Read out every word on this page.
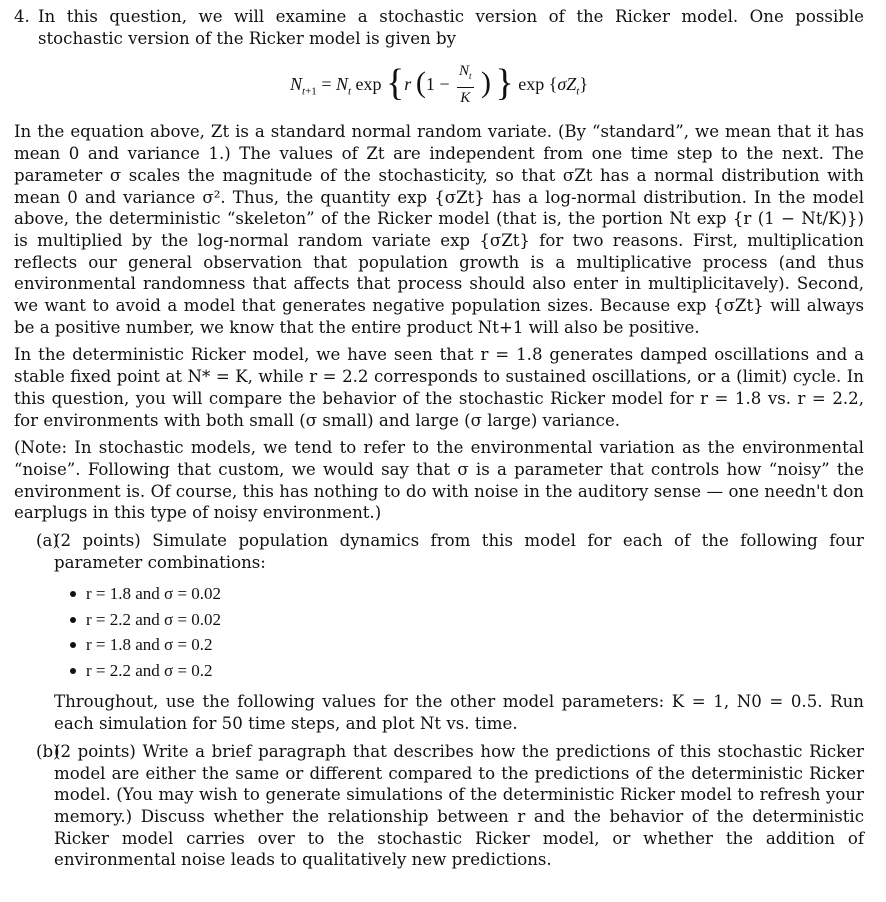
4. In this question, we will examine a stochastic version of the Ricker model. One possible stochastic version of the Ricker model is given by

$N_{t+1} = N_t$ exp {r ($1 - \frac{N_t}{K}$ ) } $\exp \{\sigma Z_t\}$

In the equation above, Zt is a standard normal random variate. (By “standard”, we mean that it has mean 0 and variance 1.) The values of Zt are independent from one time step to the next. The parameter σ scales the magnitude of the stochasticity, so that σZt has a normal distribution with mean 0 and variance σ². Thus, the quantity exp {σZt} has a log-normal distribution. In the model above, the deterministic “skeleton” of the Ricker model (that is, the portion Nt exp {r (1 − Nt/K)}) is multiplied by the log-normal random variate exp {σZt} for two reasons. First, multiplication reflects our general observation that population growth is a multiplicative process (and thus environmental randomness that affects that process should also enter in multiplicitavely). Second, we want to avoid a model that generates negative population sizes. Because exp {σZt} will always be a positive number, we know that the entire product Nt+1 will also be positive.

In the deterministic Ricker model, we have seen that r = 1.8 generates damped oscillations and a stable fixed point at N* = K, while r = 2.2 corresponds to sustained oscillations, or a (limit) cycle. In this question, you will compare the behavior of the stochastic Ricker model for r = 1.8 vs. r = 2.2, for environments with both small (σ small) and large (σ large) variance.

(Note: In stochastic models, we tend to refer to the environmental variation as the environmental “noise”. Following that custom, we would say that σ is a parameter that controls how “noisy” the environment is. Of course, this has nothing to do with noise in the auditory sense — one needn't don earplugs in this type of noisy environment.)

(a)

(2 points) Simulate population dynamics from this model for each of the following four parameter combinations:

r = 1.8 and σ = 0.02
r = 2.2 and σ = 0.02
r = 1.8 and σ = 0.2
r = 2.2 and σ = 0.2

Throughout, use the following values for the other model parameters: K = 1, N0 = 0.5. Run each simulation for 50 time steps, and plot Nt vs. time.

(b)

(2 points) Write a brief paragraph that describes how the predictions of this stochastic Ricker model are either the same or different compared to the predictions of the deterministic Ricker model. (You may wish to generate simulations of the deterministic Ricker model to refresh your memory.) Discuss whether the relationship between r and the behavior of the deterministic Ricker model carries over to the stochastic Ricker model, or whether the addition of environmental noise leads to qualitatively new predictions.
